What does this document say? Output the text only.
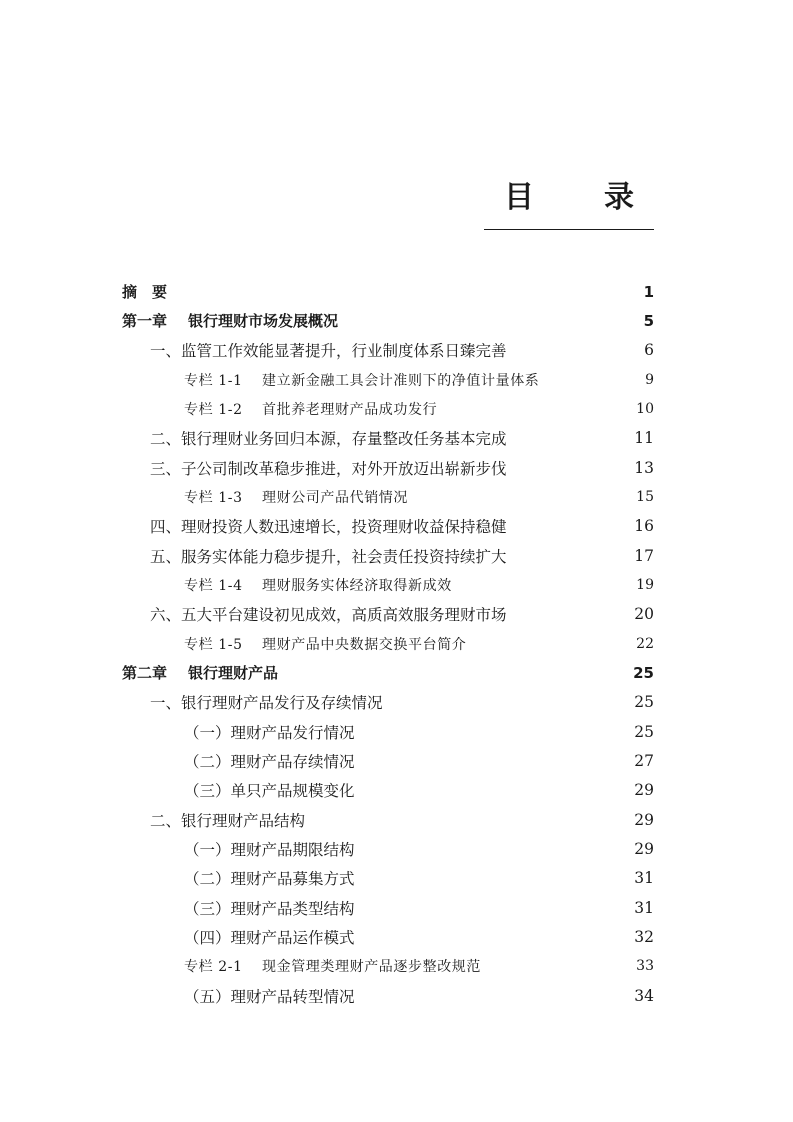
目　录
摘　要	1
第一章 银行理财市场发展概况	5
一、监管工作效能显著提升，行业制度体系日臻完善	6
专栏 1-1 建立新金融工具会计准则下的净值计量体系	9
专栏 1-2 首批养老理财产品成功发行	10
二、银行理财业务回归本源，存量整改任务基本完成	11
三、子公司制改革稳步推进，对外开放迈出崭新步伐	13
专栏 1-3 理财公司产品代销情况	15
四、理财投资人数迅速增长，投资理财收益保持稳健	16
五、服务实体能力稳步提升，社会责任投资持续扩大	17
专栏 1-4 理财服务实体经济取得新成效	19
六、五大平台建设初见成效，高质高效服务理财市场	20
专栏 1-5 理财产品中央数据交换平台简介	22
第二章 银行理财产品	25
一、银行理财产品发行及存续情况	25
（一）理财产品发行情况	25
（二）理财产品存续情况	27
（三）单只产品规模变化	29
二、银行理财产品结构	29
（一）理财产品期限结构	29
（二）理财产品募集方式	31
（三）理财产品类型结构	31
（四）理财产品运作模式	32
专栏 2-1 现金管理类理财产品逐步整改规范	33
（五）理财产品转型情况	34
